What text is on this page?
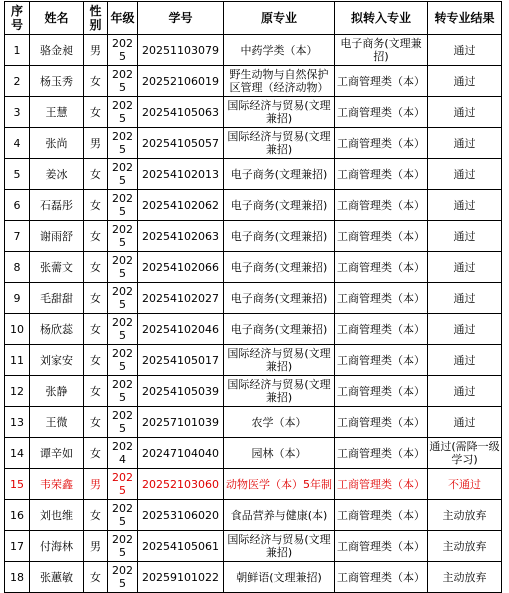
序号	姓名	性别	年级	学号	原专业	拟转入专业	转专业结果
1	骆金昶	男	2025	20251103079	中药学类（本）	电子商务(文理兼招)	通过
2	杨玉秀	女	2025	20252106019	野生动物与自然保护区管理（经济动物）	工商管理类（本）	通过
3	王慧	女	2025	20254105063	国际经济与贸易(文理兼招)	工商管理类（本）	通过
4	张尚	男	2025	20254105057	国际经济与贸易(文理兼招)	工商管理类（本）	通过
5	姜冰	女	2025	20254102013	电子商务(文理兼招)	工商管理类（本）	通过
6	石磊彤	女	2025	20254102062	电子商务(文理兼招)	工商管理类（本）	通过
7	谢雨舒	女	2025	20254102063	电子商务(文理兼招)	工商管理类（本）	通过
8	张薷文	女	2025	20254102066	电子商务(文理兼招)	工商管理类（本）	通过
9	毛甜甜	女	2025	20254102027	电子商务(文理兼招)	工商管理类（本）	通过
10	杨欣蕊	女	2025	20254102046	电子商务(文理兼招)	工商管理类（本）	通过
11	刘家安	女	2025	20254105017	国际经济与贸易(文理兼招)	工商管理类（本）	通过
12	张静	女	2025	20254105039	国际经济与贸易(文理兼招)	工商管理类（本）	通过
13	王微	女	2025	20257101039	农学（本）	工商管理类（本）	通过
14	谭辛如	女	2024	20247104040	园林（本）	工商管理类（本）	通过(需降一级学习)
15	韦荣鑫	男	2025	20252103060	动物医学（本）5年制	工商管理类（本）	不通过
16	刘也维	女	2025	20253106020	食品营养与健康(本)	工商管理类（本）	主动放弃
17	付海林	男	2025	20254105061	国际经济与贸易(文理兼招)	工商管理类（本）	主动放弃
18	张蕙敏	女	2025	20259101022	朝鲜语(文理兼招)	工商管理类（本）	主动放弃
